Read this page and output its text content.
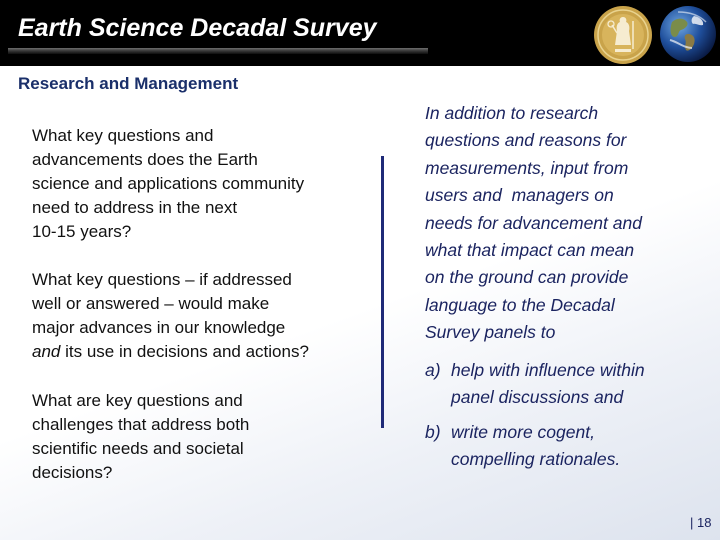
Earth Science Decadal Survey
Research and Management
What key questions and
advancements does the Earth
science and applications community
need to address in the next
10-15 years?
What key questions – if addressed
well or answered – would make
major advances in our knowledge
and its use in decisions and actions?
What are key questions and
challenges that address both
scientific needs and societal
decisions?
In addition to research
questions and reasons for
measurements, input from
users and  managers on
needs for advancement and
what that impact can mean
on the ground can provide
language to the Decadal
Survey panels to
a) help with influence within
panel discussions and
b) write more cogent,
compelling rationales.
| 18
